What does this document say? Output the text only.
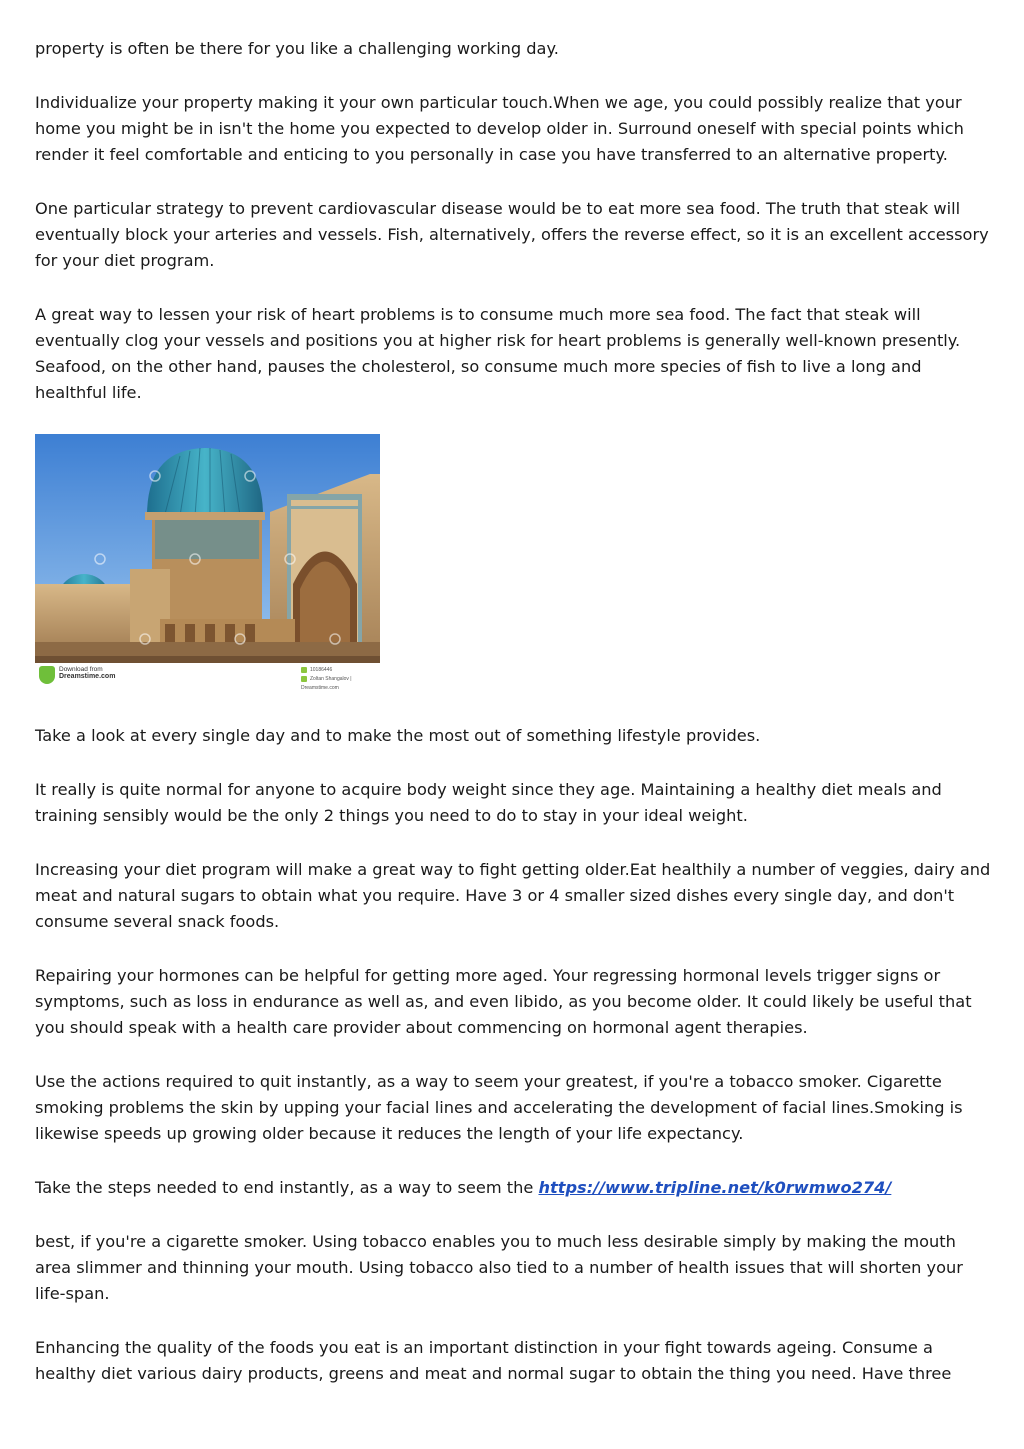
property is often be there for you like a challenging working day.

Individualize your property making it your own particular touch.When we age, you could possibly realize that your home you might be in isn't the home you expected to develop older in. Surround oneself with special points which render it feel comfortable and enticing to you personally in case you have transferred to an alternative property.

One particular strategy to prevent cardiovascular disease would be to eat more sea food. The truth that steak will eventually block your arteries and vessels. Fish, alternatively, offers the reverse effect, so it is an excellent accessory for your diet program.

A great way to lessen your risk of heart problems is to consume much more sea food. The fact that steak will eventually clog your vessels and positions you at higher risk for heart problems is generally well-known presently. Seafood, on the other hand, pauses the cholesterol, so consume much more species of fish to live a long and healthful life.

Download from
Dreamstime.com
10186446
Zoltan Shangalov | Dreamstime.com

Take a look at every single day and to make the most out of something lifestyle provides.

It really is quite normal for anyone to acquire body weight since they age. Maintaining a healthy diet meals and training sensibly would be the only 2 things you need to do to stay in your ideal weight.

Increasing your diet program will make a great way to fight getting older.Eat healthily a number of veggies, dairy and meat and natural sugars to obtain what you require. Have 3 or 4 smaller sized dishes every single day, and don't consume several snack foods.

Repairing your hormones can be helpful for getting more aged. Your regressing hormonal levels trigger signs or symptoms, such as loss in endurance as well as, and even libido, as you become older. It could likely be useful that you should speak with a health care provider about commencing on hormonal agent therapies.

Use the actions required to quit instantly, as a way to seem your greatest, if you're a tobacco smoker. Cigarette smoking problems the skin by upping your facial lines and accelerating the development of facial lines.Smoking is likewise speeds up growing older because it reduces the length of your life expectancy.

Take the steps needed to end instantly, as a way to seem the https://www.tripline.net/k0rwmwo274/

best, if you're a cigarette smoker. Using tobacco enables you to much less desirable simply by making the mouth area slimmer and thinning your mouth. Using tobacco also tied to a number of health issues that will shorten your life-span.

Enhancing the quality of the foods you eat is an important distinction in your fight towards ageing. Consume a healthy diet various dairy products, greens and meat and normal sugar to obtain the thing you need. Have three
